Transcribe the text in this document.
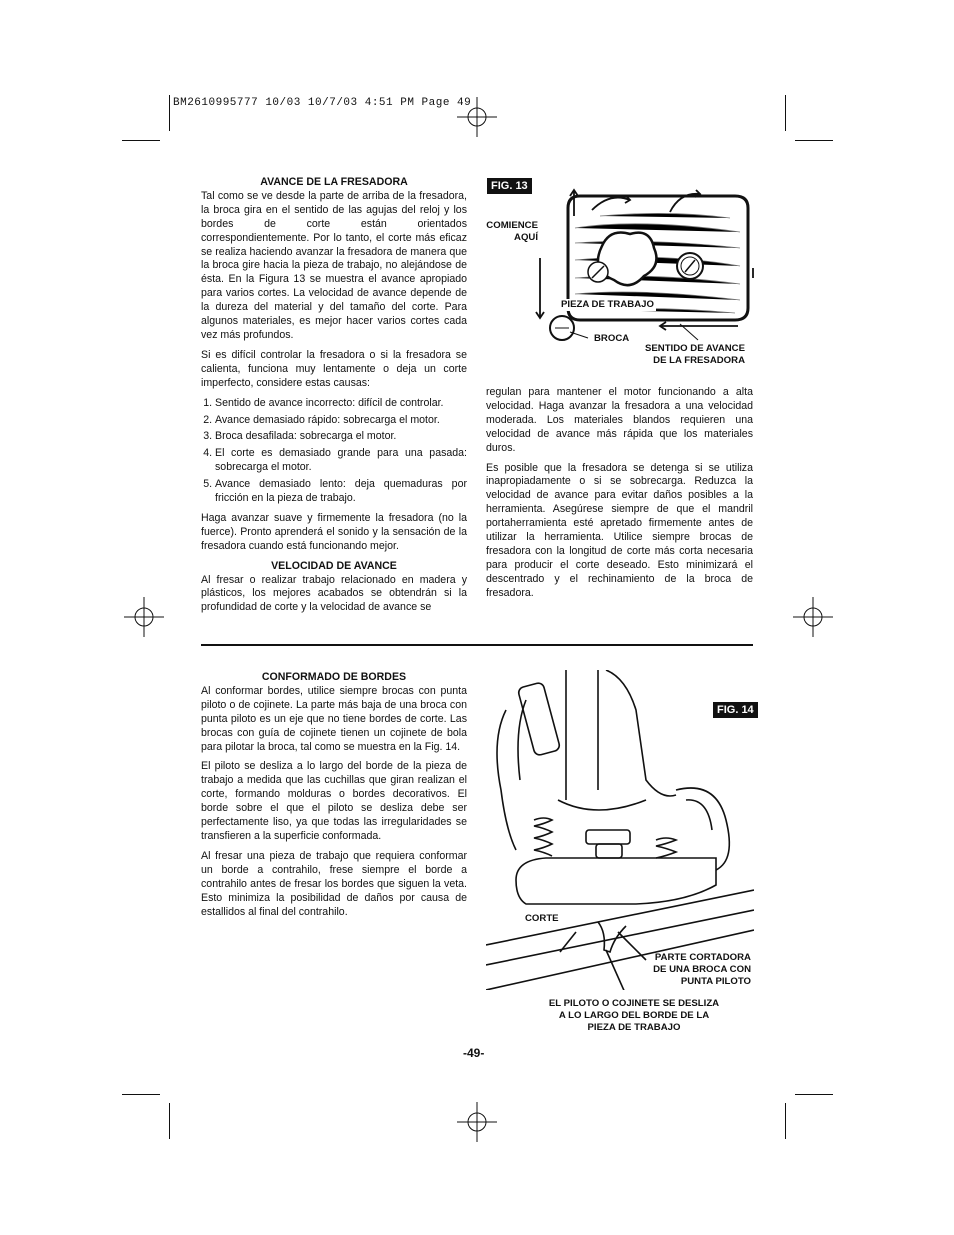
BM2610995777 10/03 10/7/03 4:51 PM Page 49
AVANCE DE LA FRESADORA

Tal como se ve desde la parte de arriba de la fresadora, la broca gira en el sentido de las agujas del reloj y los bordes de corte están orientados correspondientemente. Por lo tanto, el corte más eficaz se realiza haciendo avanzar la fresadora de manera que la broca gire hacia la pieza de trabajo, no alejándose de ésta. En la Figura 13 se muestra el avance apropiado para varios cortes. La velocidad de avance depende de la dureza del material y del tamaño del corte. Para algunos materiales, es mejor hacer varios cortes cada vez más profundos.

Si es difícil controlar la fresadora o si la fresadora se calienta, funciona muy lentamente o deja un corte imperfecto, considere estas causas:

1. Sentido de avance incorrecto: difícil de controlar.
2. Avance demasiado rápido: sobrecarga el motor.
3. Broca desafilada: sobrecarga el motor.
4. El corte es demasiado grande para una pasada: sobrecarga el motor.
5. Avance demasiado lento: deja quemaduras por fricción en la pieza de trabajo.

Haga avanzar suave y firmemente la fresadora (no la fuerce). Pronto aprenderá el sonido y la sensación de la fresadora cuando está funcionando mejor.

VELOCIDAD DE AVANCE

Al fresar o realizar trabajo relacionado en madera y plásticos, los mejores acabados se obtendrán si la profundidad de corte y la velocidad de avance se

FIG. 13
COMIENCE
AQUÍ
PIEZA DE TRABAJO
BROCA
SENTIDO DE AVANCE
DE LA FRESADORA

regulan para mantener el motor funcionando a alta velocidad. Haga avanzar la fresadora a una velocidad moderada. Los materiales blandos requieren una velocidad de avance más rápida que los materiales duros.

Es posible que la fresadora se detenga si se utiliza inapropiadamente o si se sobrecarga. Reduzca la velocidad de avance para evitar daños posibles a la herramienta. Asegúrese siempre de que el mandril portaherramienta esté apretado firmemente antes de utilizar la herramienta. Utilice siempre brocas de fresadora con la longitud de corte más corta necesaria para producir el corte deseado. Esto minimizará el descentrado y el rechinamiento de la broca de fresadora.

CONFORMADO DE BORDES

Al conformar bordes, utilice siempre brocas con punta piloto o de cojinete. La parte más baja de una broca con punta piloto es un eje que no tiene bordes de corte. Las brocas con guía de cojinete tienen un cojinete de bola para pilotar la broca, tal como se muestra en la Fig. 14.

El piloto se desliza a lo largo del borde de la pieza de trabajo a medida que las cuchillas que giran realizan el corte, formando molduras o bordes decorativos. El borde sobre el que el piloto se desliza debe ser perfectamente liso, ya que todas las irregularidades se transfieren a la superficie conformada.

Al fresar una pieza de trabajo que requiera conformar un borde a contrahilo, frese siempre el borde a contrahilo antes de fresar los bordes que siguen la veta. Esto minimiza la posibilidad de daños por causa de estallidos al final del contrahilo.

FIG. 14
CORTE
PARTE CORTADORA
DE UNA BROCA CON
PUNTA PILOTO
EL PILOTO O COJINETE SE DESLIZA
A LO LARGO DEL BORDE DE LA
PIEZA DE TRABAJO
-49-
